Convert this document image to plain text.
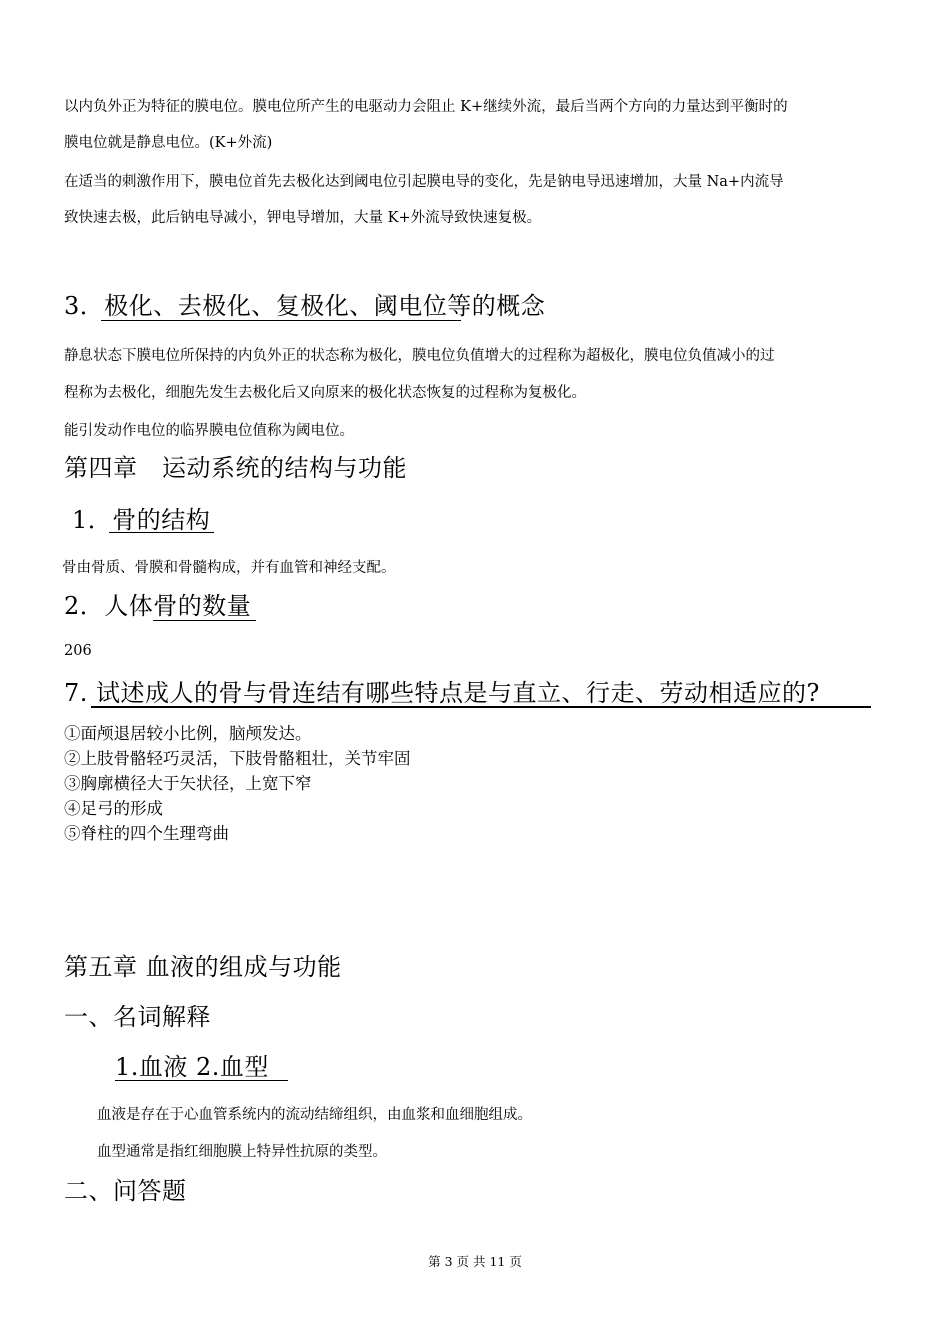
以内负外正为特征的膜电位。膜电位所产生的电驱动力会阻止 K+继续外流，最后当两个方向的力量达到平衡时的
膜电位就是静息电位。(K+外流)
在适当的刺激作用下，膜电位首先去极化达到阈电位引起膜电导的变化，先是钠电导迅速增加，大量 Na+内流导
致快速去极，此后钠电导减小，钾电导增加，大量 K+外流导致快速复极。
3．极化、去极化、复极化、阈电位等的概念
静息状态下膜电位所保持的内负外正的状态称为极化，膜电位负值增大的过程称为超极化，膜电位负值减小的过
程称为去极化，细胞先发生去极化后又向原来的极化状态恢复的过程称为复极化。
能引发动作电位的临界膜电位值称为阈电位。
第四章　运动系统的结构与功能
1．骨的结构
骨由骨质、骨膜和骨髓构成，并有血管和神经支配。
2．人体骨的数量
206
7. 试述成人的骨与骨连结有哪些特点是与直立、行走、劳动相适应的?
①面颅退居较小比例，脑颅发达。
②上肢骨骼轻巧灵活，下肢骨骼粗壮，关节牢固
③胸廓横径大于矢状径，上宽下窄
④足弓的形成
⑤脊柱的四个生理弯曲
第五章 血液的组成与功能
一、名词解释
1.血液 2.血型
血液是存在于心血管系统内的流动结缔组织，由血浆和血细胞组成。
血型通常是指红细胞膜上特异性抗原的类型。
二、问答题
第 3 页 共 11 页
